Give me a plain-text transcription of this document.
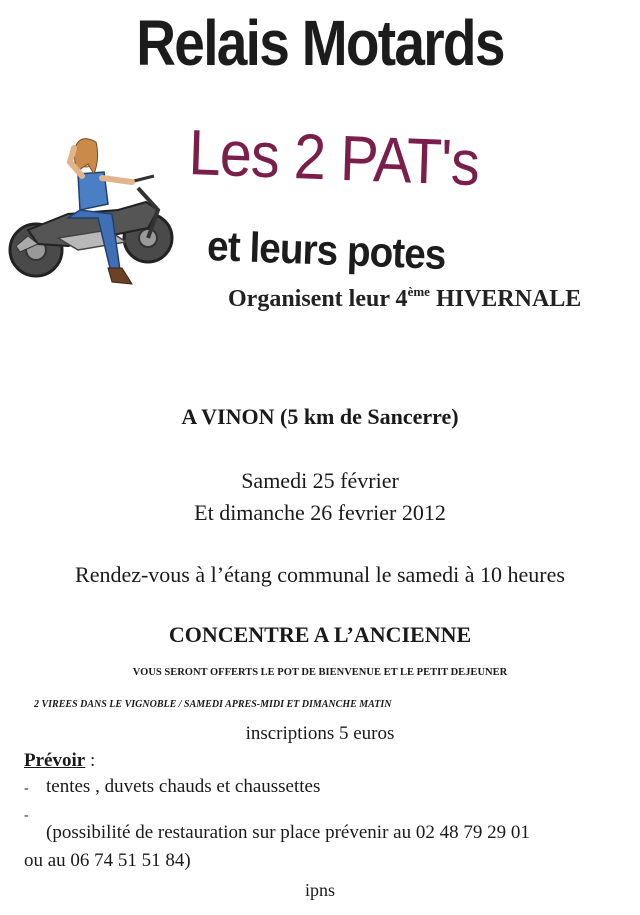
Relais Motards
Les 2 PAT's
et leurs potes
Organisent leur 4ème HIVERNALE
A VINON (5 km de Sancerre)
Samedi 25 février
Et dimanche 26 fevrier 2012
Rendez-vous à l’étang communal le samedi à 10 heures
CONCENTRE A L’ANCIENNE
VOUS SERONT OFFERTS LE POT DE BIENVENUE ET LE PETIT DEJEUNER
2 VIREES DANS LE VIGNOBLE / SAMEDI APRES-MIDI ET DIMANCHE MATIN
inscriptions 5 euros
Prévoir :
- tentes , duvets chauds et chaussettes
-
(possibilité de restauration sur place prévenir au 02 48 79 29 01
ou au 06 74 51 51 84)
ipns
